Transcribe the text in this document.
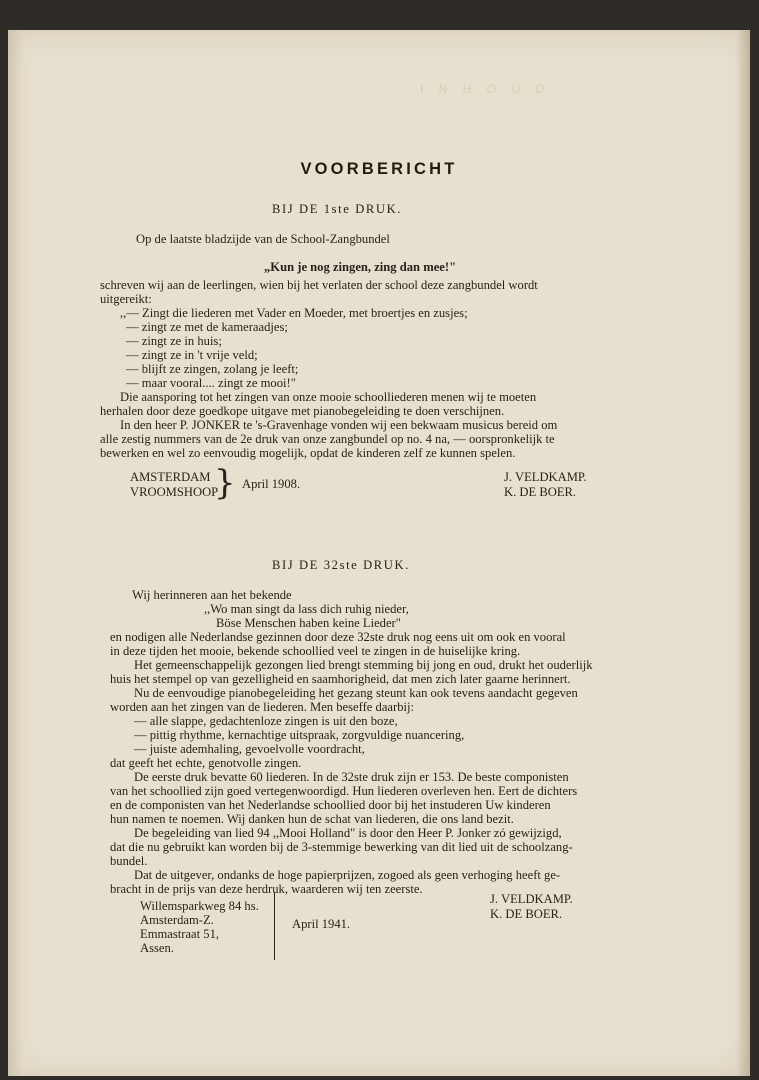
I N H O U D
VOORBERICHT
BIJ DE 1ste DRUK.
Op de laatste bladzijde van de School-Zangbundel
„Kun je nog zingen, zing dan mee!"
schreven wij aan de leerlingen, wien bij het verlaten der school deze zangbundel wordt
uitgereikt:
,,— Zingt die liederen met Vader en Moeder, met broertjes en zusjes;
— zingt ze met de kameraadjes;
— zingt ze in huis;
— zingt ze in 't vrije veld;
— blijft ze zingen, zolang je leeft;
— maar vooral.... zingt ze mooi!"
Die aansporing tot het zingen van onze mooie schoolliederen menen wij te moeten
herhalen door deze goedkope uitgave met pianobegeleiding te doen verschijnen.
In den heer P. JONKER te 's-Gravenhage vonden wij een bekwaam musicus bereid om
alle zestig nummers van de 2e druk van onze zangbundel op no. 4 na, — oorspronkelijk te
bewerken en wel zo eenvoudig mogelijk, opdat de kinderen zelf ze kunnen spelen.
AMSTERDAM
VROOMSHOOP
} April 1908.	J. VELDKAMP.
K. DE BOER.
BIJ DE 32ste DRUK.
Wij herinneren aan het bekende
,,Wo man singt da lass dich ruhig nieder,
Böse Menschen haben keine Lieder"
en nodigen alle Nederlandse gezinnen door deze 32ste druk nog eens uit om ook en vooral
in deze tijden het mooie, bekende schoollied veel te zingen in de huiselijke kring.
Het gemeenschappelijk gezongen lied brengt stemming bij jong en oud, drukt het ouderlijk
huis het stempel op van gezelligheid en saamhorigheid, dat men zich later gaarne herinnert.
Nu de eenvoudige pianobegeleiding het gezang steunt kan ook tevens aandacht gegeven
worden aan het zingen van de liederen. Men beseffe daarbij:
— alle slappe, gedachtenloze zingen is uit den boze,
— pittig rhythme, kernachtige uitspraak, zorgvuldige nuancering,
— juiste ademhaling, gevoelvolle voordracht,
dat geeft het echte, genotvolle zingen.
De eerste druk bevatte 60 liederen. In de 32ste druk zijn er 153. De beste componisten
van het schoollied zijn goed vertegenwoordigd. Hun liederen overleven hen. Eert de dichters
en de componisten van het Nederlandse schoollied door bij het instuderen Uw kinderen
hun namen te noemen. Wij danken hun de schat van liederen, die ons land bezit.
De begeleiding van lied 94 ,,Mooi Holland" is door den Heer P. Jonker zó gewijzigd,
dat die nu gebruikt kan worden bij de 3-stemmige bewerking van dit lied uit de schoolzang-
bundel.
Dat de uitgever, ondanks de hoge papierprijzen, zogoed als geen verhoging heeft ge-
bracht in de prijs van deze herdruk, waarderen wij ten zeerste.
J. VELDKAMP.
K. DE BOER.
Willemsparkweg 84 hs.
Amsterdam-Z.
Emmastraat 51,
Assen.
April 1941.
